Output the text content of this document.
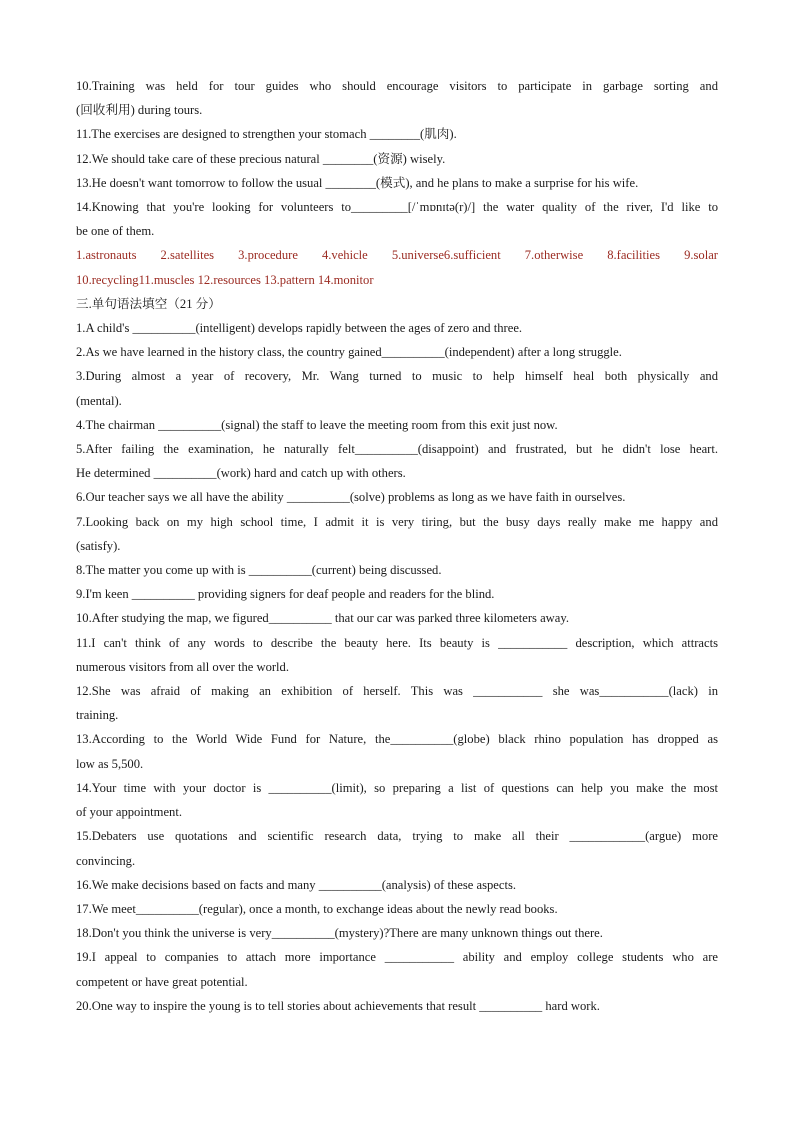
10.Training was held for tour guides who should encourage visitors to participate in garbage sorting and
(回收利用) during tours.
11.The exercises are designed to strengthen your stomach ________(肌肉).
12.We should take care of these precious natural ________(资源) wisely.
13.He doesn't want tomorrow to follow the usual ________(模式), and he plans to make a surprise for his wife.
14.Knowing that you're looking for volunteers to_________[/ˈmɒnɪtə(r)/] the water quality of the river, I'd like to
be one of them.
1.astronauts 2.satellites 3.procedure 4.vehicle 5.universe6.sufficient 7.otherwise 8.facilities 9.solar
10.recycling11.muscles 12.resources 13.pattern 14.monitor
三.单句语法填空（21 分）
1.A child's __________(intelligent) develops rapidly between the ages of zero and three.
2.As we have learned in the history class, the country gained__________(independent) after a long struggle.
3.During almost a year of recovery, Mr. Wang turned to music to help himself heal both physically and
(mental).
4.The chairman __________(signal) the staff to leave the meeting room from this exit just now.
5.After failing the examination, he naturally felt__________(disappoint) and frustrated, but he didn't lose heart.
He determined __________(work) hard and catch up with others.
6.Our teacher says we all have the ability __________(solve) problems as long as we have faith in ourselves.
7.Looking back on my high school time, I admit it is very tiring, but the busy days really make me happy and
(satisfy).
8.The matter you come up with is __________(current) being discussed.
9.I'm keen __________ providing signers for deaf people and readers for the blind.
10.After studying the map, we figured__________ that our car was parked three kilometers away.
11.I can't think of any words to describe the beauty here. Its beauty is ___________ description, which attracts
numerous visitors from all over the world.
12.She was afraid of making an exhibition of herself. This was ___________ she was___________(lack) in
training.
13.According to the World Wide Fund for Nature, the__________(globe) black rhino population has dropped as
low as 5,500.
14.Your time with your doctor is __________(limit), so preparing a list of questions can help you make the most
of your appointment.
15.Debaters use quotations and scientific research data, trying to make all their ____________(argue) more
convincing.
16.We make decisions based on facts and many __________(analysis) of these aspects.
17.We meet__________(regular), once a month, to exchange ideas about the newly read books.
18.Don't you think the universe is very__________(mystery)?There are many unknown things out there.
19.I appeal to companies to attach more importance ___________ ability and employ college students who are
competent or have great potential.
20.One way to inspire the young is to tell stories about achievements that result __________ hard work.
